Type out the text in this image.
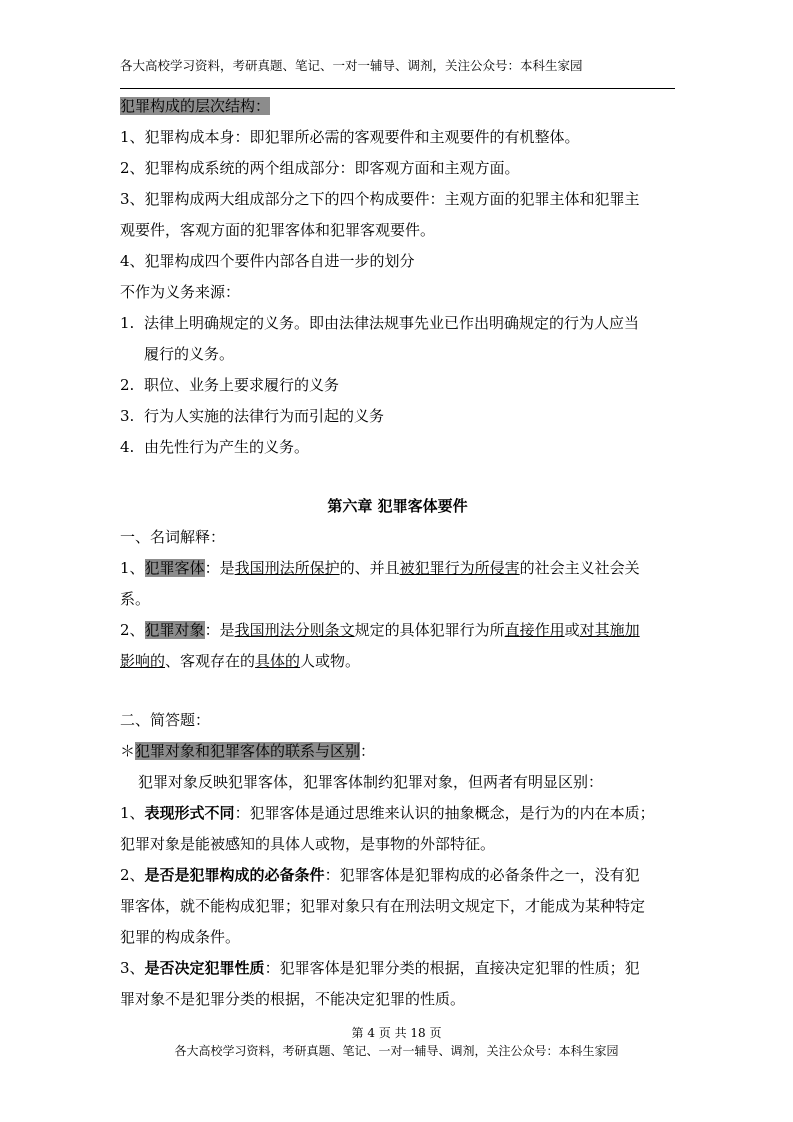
各大高校学习资料，考研真题、笔记、一对一辅导、调剂，关注公众号：本科生家园
犯罪构成的层次结构：
1、犯罪构成本身：即犯罪所必需的客观要件和主观要件的有机整体。
2、犯罪构成系统的两个组成部分：即客观方面和主观方面。
3、犯罪构成两大组成部分之下的四个构成要件：主观方面的犯罪主体和犯罪主
观要件，客观方面的犯罪客体和犯罪客观要件。
4、犯罪构成四个要件内部各自进一步的划分
不作为义务来源：
1. 法律上明确规定的义务。即由法律法规事先业已作出明确规定的行为人应当
履行的义务。
2. 职位、业务上要求履行的义务
3. 行为人实施的法律行为而引起的义务
4. 由先性行为产生的义务。
第六章 犯罪客体要件
一、名词解释：
1、犯罪客体：是我国刑法所保护的、并且被犯罪行为所侵害的社会主义社会关
系。
2、犯罪对象：是我国刑法分则条文规定的具体犯罪行为所直接作用或对其施加
影响的、客观存在的具体的人或物。
二、简答题：
＊犯罪对象和犯罪客体的联系与区别：
犯罪对象反映犯罪客体，犯罪客体制约犯罪对象，但两者有明显区别：
1、表现形式不同：犯罪客体是通过思维来认识的抽象概念，是行为的内在本质；
犯罪对象是能被感知的具体人或物，是事物的外部特征。
2、是否是犯罪构成的必备条件：犯罪客体是犯罪构成的必备条件之一，没有犯
罪客体，就不能构成犯罪；犯罪对象只有在刑法明文规定下，才能成为某种特定
犯罪的构成条件。
3、是否决定犯罪性质：犯罪客体是犯罪分类的根据，直接决定犯罪的性质；犯
罪对象不是犯罪分类的根据，不能决定犯罪的性质。
第 4 页 共 18 页
各大高校学习资料，考研真题、笔记、一对一辅导、调剂，关注公众号：本科生家园
